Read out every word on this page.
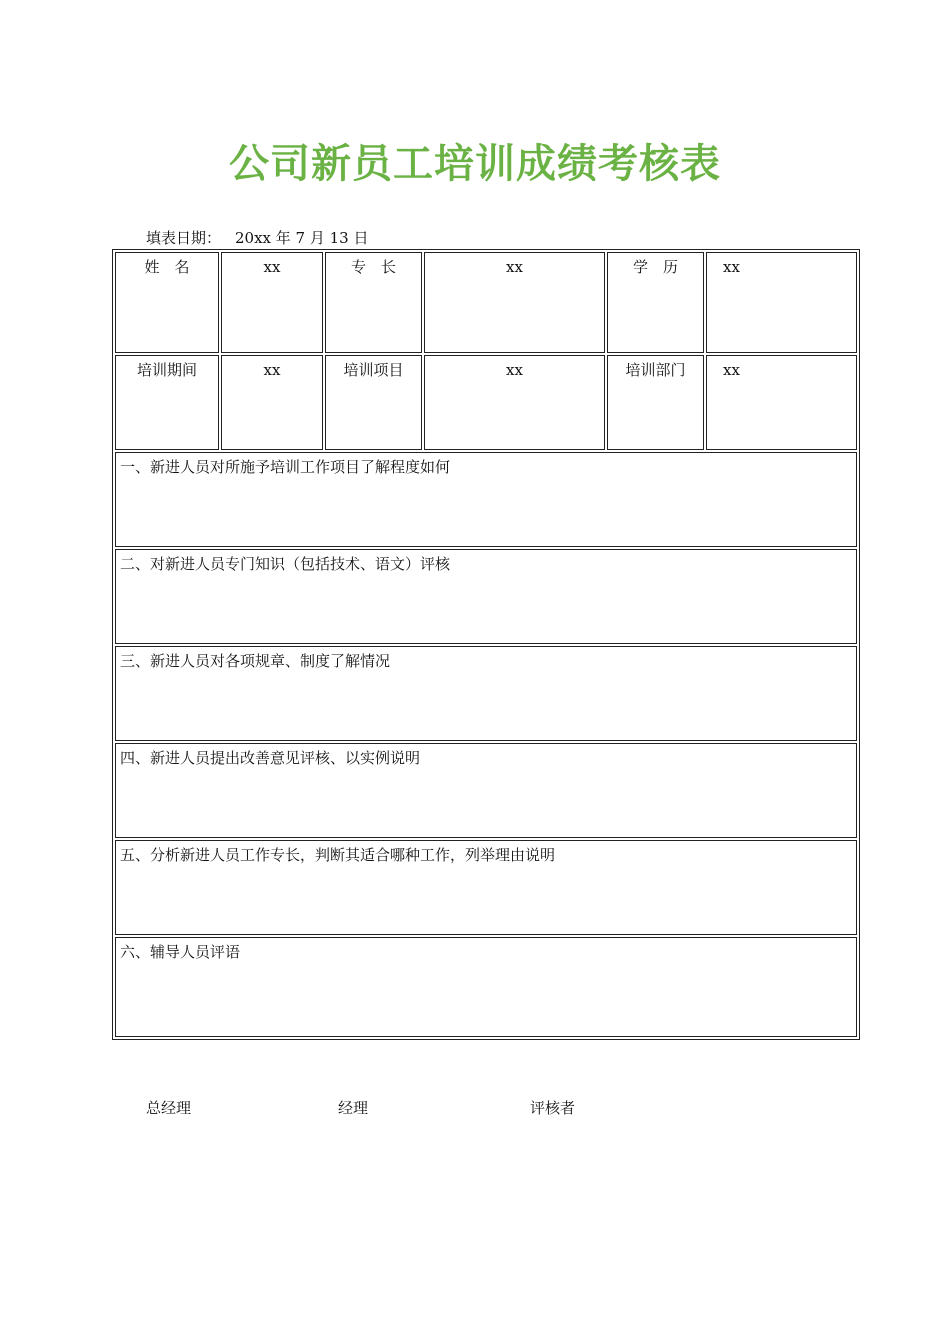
公司新员工培训成绩考核表
填表日期： 20xx 年 7 月 13 日
姓　名	xx	专　长	xx	学　历	xx
培训期间	xx	培训项目	xx	培训部门	xx
一、新进人员对所施予培训工作项目了解程度如何					
二、对新进人员专门知识（包括技术、语文）评核					
三、新进人员对各项规章、制度了解情况					
四、新进人员提出改善意见评核、以实例说明					
五、分析新进人员工作专长，判断其适合哪种工作，列举理由说明					
六、辅导人员评语					
总经理	经理	评核者
